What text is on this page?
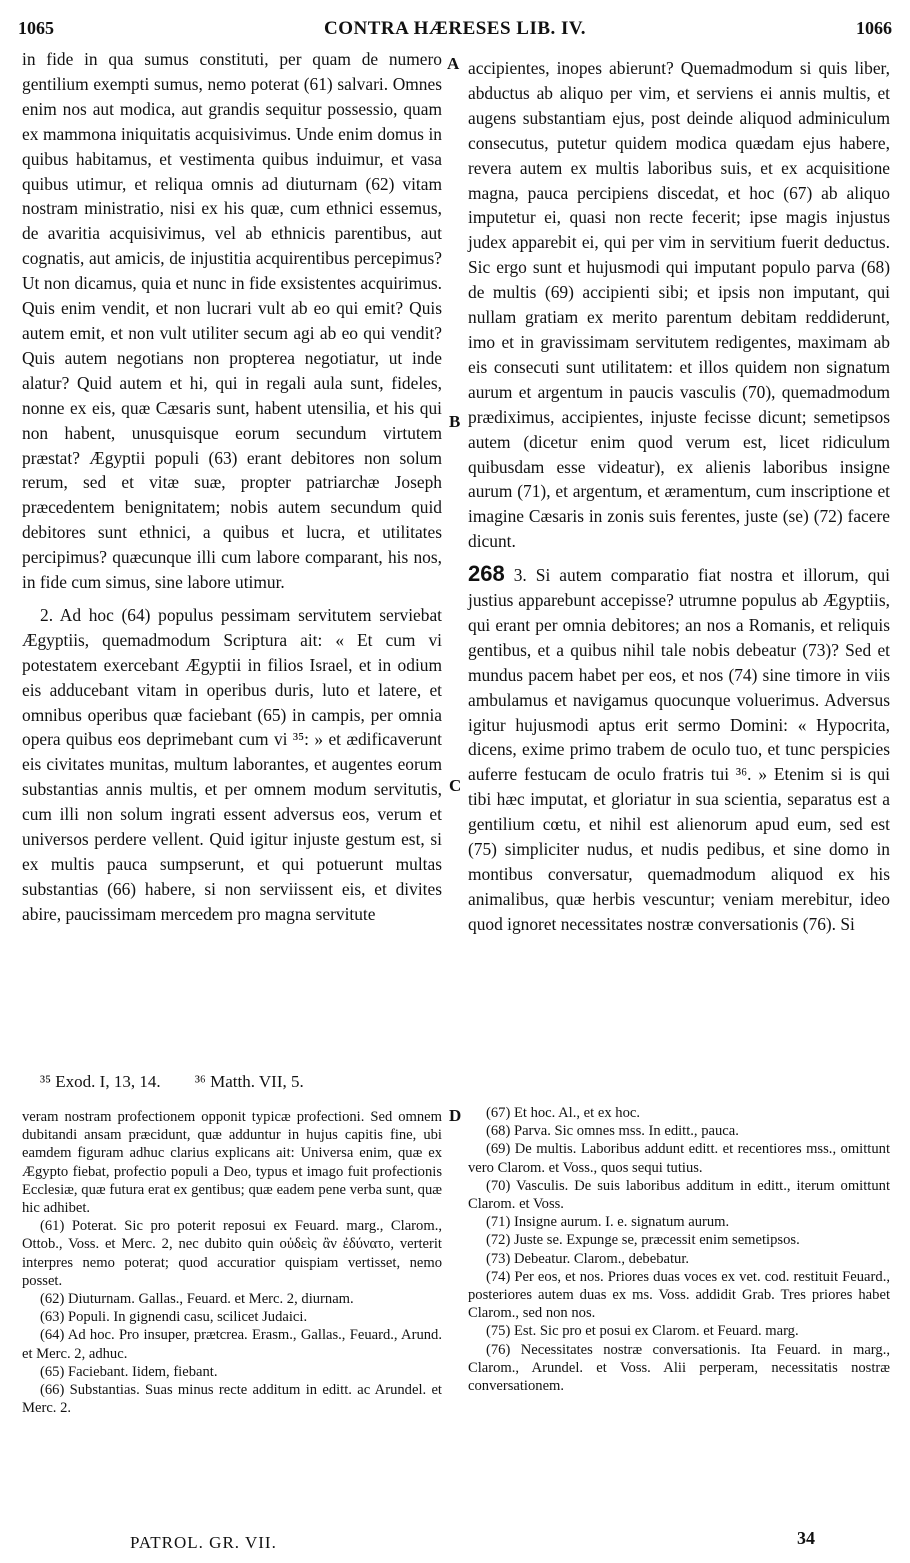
1065	CONTRA HÆRESES LIB. IV.	1066

in fide in qua sumus constituti, per quam de numero gentilium exempti sumus, nemo poterat (61) salvari. Omnes enim nos aut modica, aut grandis sequitur possessio, quam ex mammona iniquitatis acquisivimus. Unde enim domus in quibus habitamus, et vestimenta quibus induimur, et vasa quibus utimur, et reliqua omnis ad diuturnam (62) vitam nostram ministratio, nisi ex his quæ, cum ethnici essemus, de avaritia acquisivimus, vel ab ethnicis parentibus, aut cognatis, aut amicis, de injustitia acquirentibus percepimus? Ut non dicamus, quia et nunc in fide exsistentes acquirimus. Quis enim vendit, et non lucrari vult ab eo qui emit? Quis autem emit, et non vult utiliter secum agi ab eo qui vendit? Quis autem negotians non propterea negotiatur, ut inde alatur? Quid autem et hi, qui in regali aula sunt, fideles, nonne ex eis, quæ Cæsaris sunt, habent utensilia, et his qui non habent, unusquisque eorum secundum virtutem præstat? Ægyptii populi (63) erant debitores non solum rerum, sed et vitæ suæ, propter patriarchæ Joseph præcedentem benignitatem; nobis autem secundum quid debitores sunt ethnici, a quibus et lucra, et utilitates percipimus? quæcunque illi cum labore comparant, his nos, in fide cum simus, sine labore utimur.

2. Ad hoc (64) populus pessimam servitutem serviebat Ægyptiis, quemadmodum Scriptura ait: « Et cum vi potestatem exercebant Ægyptii in filios Israel, et in odium eis adducebant vitam in operibus duris, luto et latere, et omnibus operibus quæ faciebant (65) in campis, per omnia opera quibus eos deprimebant cum vi ³⁵: » et ædificaverunt eis civitates munitas, multum laborantes, et augentes eorum substantias annis multis, et per omnem modum servitutis, cum illi non solum ingrati essent adversus eos, verum et universos perdere vellent. Quid igitur injuste gestum est, si ex multis pauca sumpserunt, et qui potuerunt multas substantias (66) habere, si non serviissent eis, et divites abire, paucissimam mercedem pro magna servitute

A
B
C
D

accipientes, inopes abierunt? Quemadmodum si quis liber, abductus ab aliquo per vim, et serviens ei annis multis, et augens substantiam ejus, post deinde aliquod adminiculum consecutus, putetur quidem modica quædam ejus habere, revera autem ex multis laboribus suis, et ex acquisitione magna, pauca percipiens discedat, et hoc (67) ab aliquo imputetur ei, quasi non recte fecerit; ipse magis injustus judex apparebit ei, qui per vim in servitium fuerit deductus. Sic ergo sunt et hujusmodi qui imputant populo parva (68) de multis (69) accipienti sibi; et ipsis non imputant, qui nullam gratiam ex merito parentum debitam reddiderunt, imo et in gravissimam servitutem redigentes, maximam ab eis consecuti sunt utilitatem: et illos quidem non signatum aurum et argentum in paucis vasculis (70), quemadmodum prædiximus, accipientes, injuste fecisse dicunt; semetipsos autem (dicetur enim quod verum est, licet ridiculum quibusdam esse videatur), ex alienis laboribus insigne aurum (71), et argentum, et æramentum, cum inscriptione et imagine Cæsaris in zonis suis ferentes, juste (se) (72) facere dicunt.

268 3. Si autem comparatio fiat nostra et illorum, qui justius apparebunt accepisse? utrumne populus ab Ægyptiis, qui erant per omnia debitores; an nos a Romanis, et reliquis gentibus, et a quibus nihil tale nobis debeatur (73)? Sed et mundus pacem habet per eos, et nos (74) sine timore in viis ambulamus et navigamus quocunque voluerimus. Adversus igitur hujusmodi aptus erit sermo Domini: « Hypocrita, dicens, exime primo trabem de oculo tuo, et tunc perspicies auferre festucam de oculo fratris tui ³⁶. » Etenim si is qui tibi hæc imputat, et gloriatur in sua scientia, separatus est a gentilium cœtu, et nihil est alienorum apud eum, sed est (75) simpliciter nudus, et nudis pedibus, et sine domo in montibus conversatur, quemadmodum aliquod ex his animalibus, quæ herbis vescuntur; veniam merebitur, ideo quod ignoret necessitates nostræ conversationis (76). Si

³⁵ Exod. I, 13, 14. ³⁶ Matth. VII, 5.

veram nostram profectionem opponit typicæ profectioni. Sed omnem dubitandi ansam præcidunt, quæ adduntur in hujus capitis fine, ubi eamdem figuram adhuc clarius explicans ait: Universa enim, quæ ex Ægypto fiebat, profectio populi a Deo, typus et imago fuit profectionis Ecclesiæ, quæ futura erat ex gentibus; quæ eadem pene verba sunt, quæ hic adhibet.

(61) Poterat. Sic pro poterit reposui ex Feuard. marg., Clarom., Ottob., Voss. et Merc. 2, nec dubito quin οὐδεὶς ἂν ἐδύνατο, verterit interpres nemo poterat; quod accuratior quispiam vertisset, nemo posset.

(62) Diuturnam. Gallas., Feuard. et Merc. 2, diurnam.

(63) Populi. In gignendi casu, scilicet Judaici.

(64) Ad hoc. Pro insuper, prætcrea. Erasm., Gallas., Feuard., Arund. et Merc. 2, adhuc.

(65) Faciebant. Iidem, fiebant.

(66) Substantias. Suas minus recte additum in editt. ac Arundel. et Merc. 2.

(67) Et hoc. Al., et ex hoc.

(68) Parva. Sic omnes mss. In editt., pauca.

(69) De multis. Laboribus addunt editt. et recentiores mss., omittunt vero Clarom. et Voss., quos sequi tutius.

(70) Vasculis. De suis laboribus additum in editt., iterum omittunt Clarom. et Voss.

(71) Insigne aurum. I. e. signatum aurum.

(72) Juste se. Expunge se, præcessit enim semetipsos.

(73) Debeatur. Clarom., debebatur.

(74) Per eos, et nos. Priores duas voces ex vet. cod. restituit Feuard., posteriores autem duas ex ms. Voss. addidit Grab. Tres priores habet Clarom., sed non nos.

(75) Est. Sic pro et posui ex Clarom. et Feuard. marg.

(76) Necessitates nostræ conversationis. Ita Feuard. in marg., Clarom., Arundel. et Voss. Alii perperam, necessitatis nostræ conversationem.

PATROL. GR. VII.	34
